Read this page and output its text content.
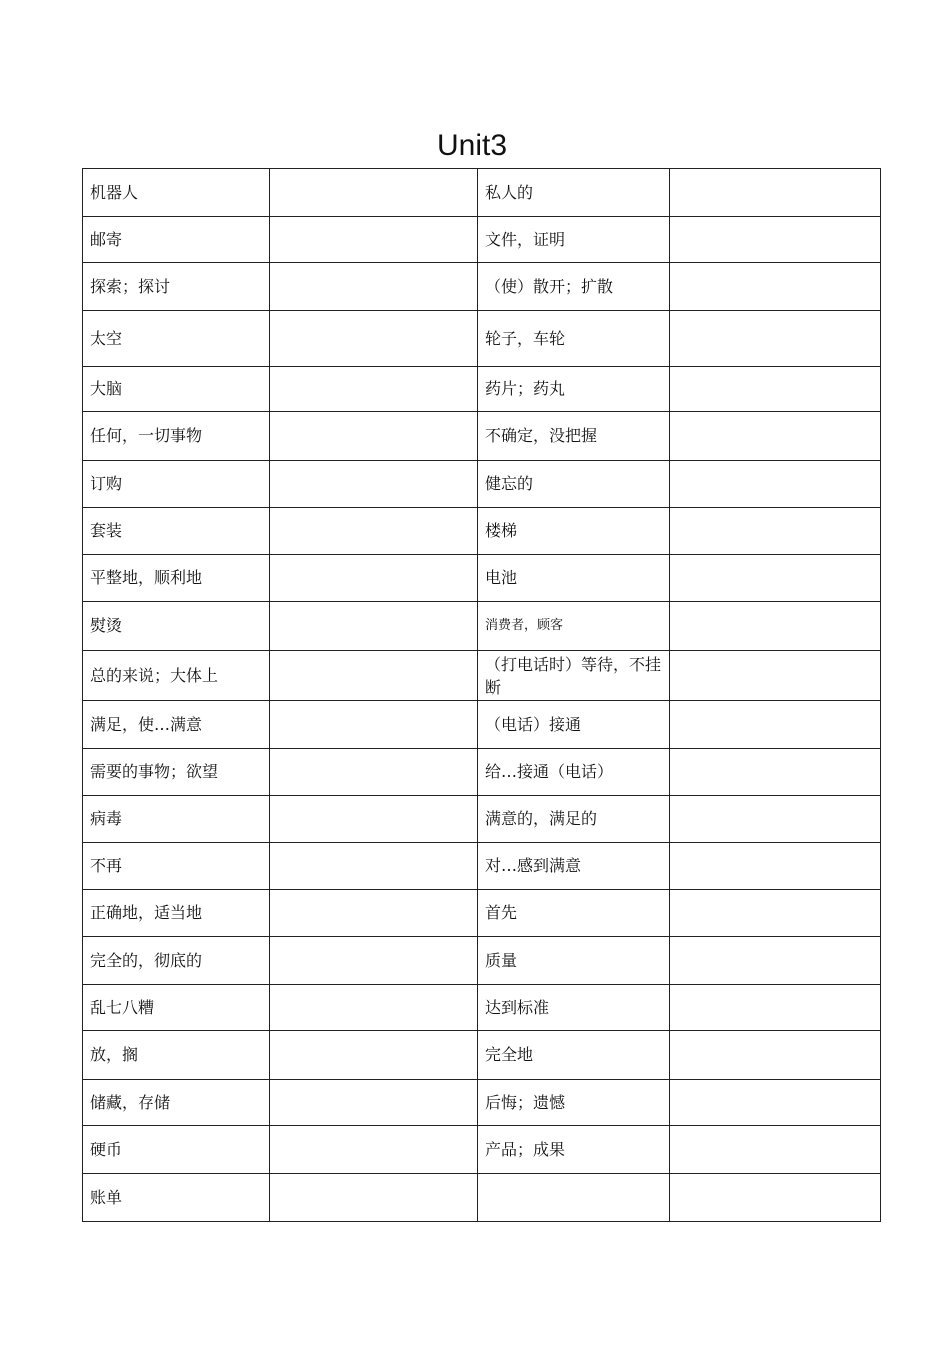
Unit3
机器人		私人的	
邮寄		文件，证明	
探索；探讨		（使）散开；扩散	
太空		轮子，车轮	
大脑		药片；药丸	
任何，一切事物		不确定，没把握	
订购		健忘的	
套装		楼梯	
平整地，顺利地		电池	
熨烫		消费者，顾客	
总的来说；大体上		（打电话时）等待，不挂断	
满足，使…满意		（电话）接通	
需要的事物；欲望		给…接通（电话）	
病毒		满意的，满足的	
不再		对…感到满意	
正确地，适当地		首先	
完全的，彻底的		质量	
乱七八糟		达到标准	
放，搁		完全地	
储藏，存储		后悔；遗憾	
硬币		产品；成果	
账单			
